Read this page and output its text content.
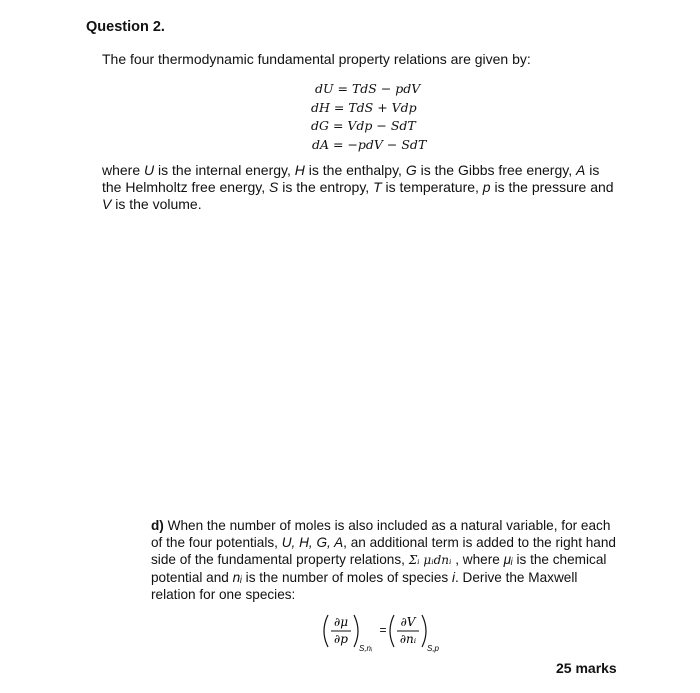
Question 2.
The four thermodynamic fundamental property relations are given by:
dU = TdS − pdV
dH = TdS + Vdp
dG = Vdp − SdT
dA = −pdV − SdT
where U is the internal energy, H is the enthalpy, G is the Gibbs free energy, A is the Helmholtz free energy, S is the entropy, T is temperature, p is the pressure and V is the volume.
d) When the number of moles is also included as a natural variable, for each of the four potentials, U, H, G, A, an additional term is added to the right hand side of the fundamental property relations, Σᵢ μᵢdnᵢ , where μᵢ is the chemical potential and nᵢ is the number of moles of species i. Derive the Maxwell relation for one species:
∂μ
∂p
S,nᵢ
=
∂V
∂nᵢ
S,p
25 marks
